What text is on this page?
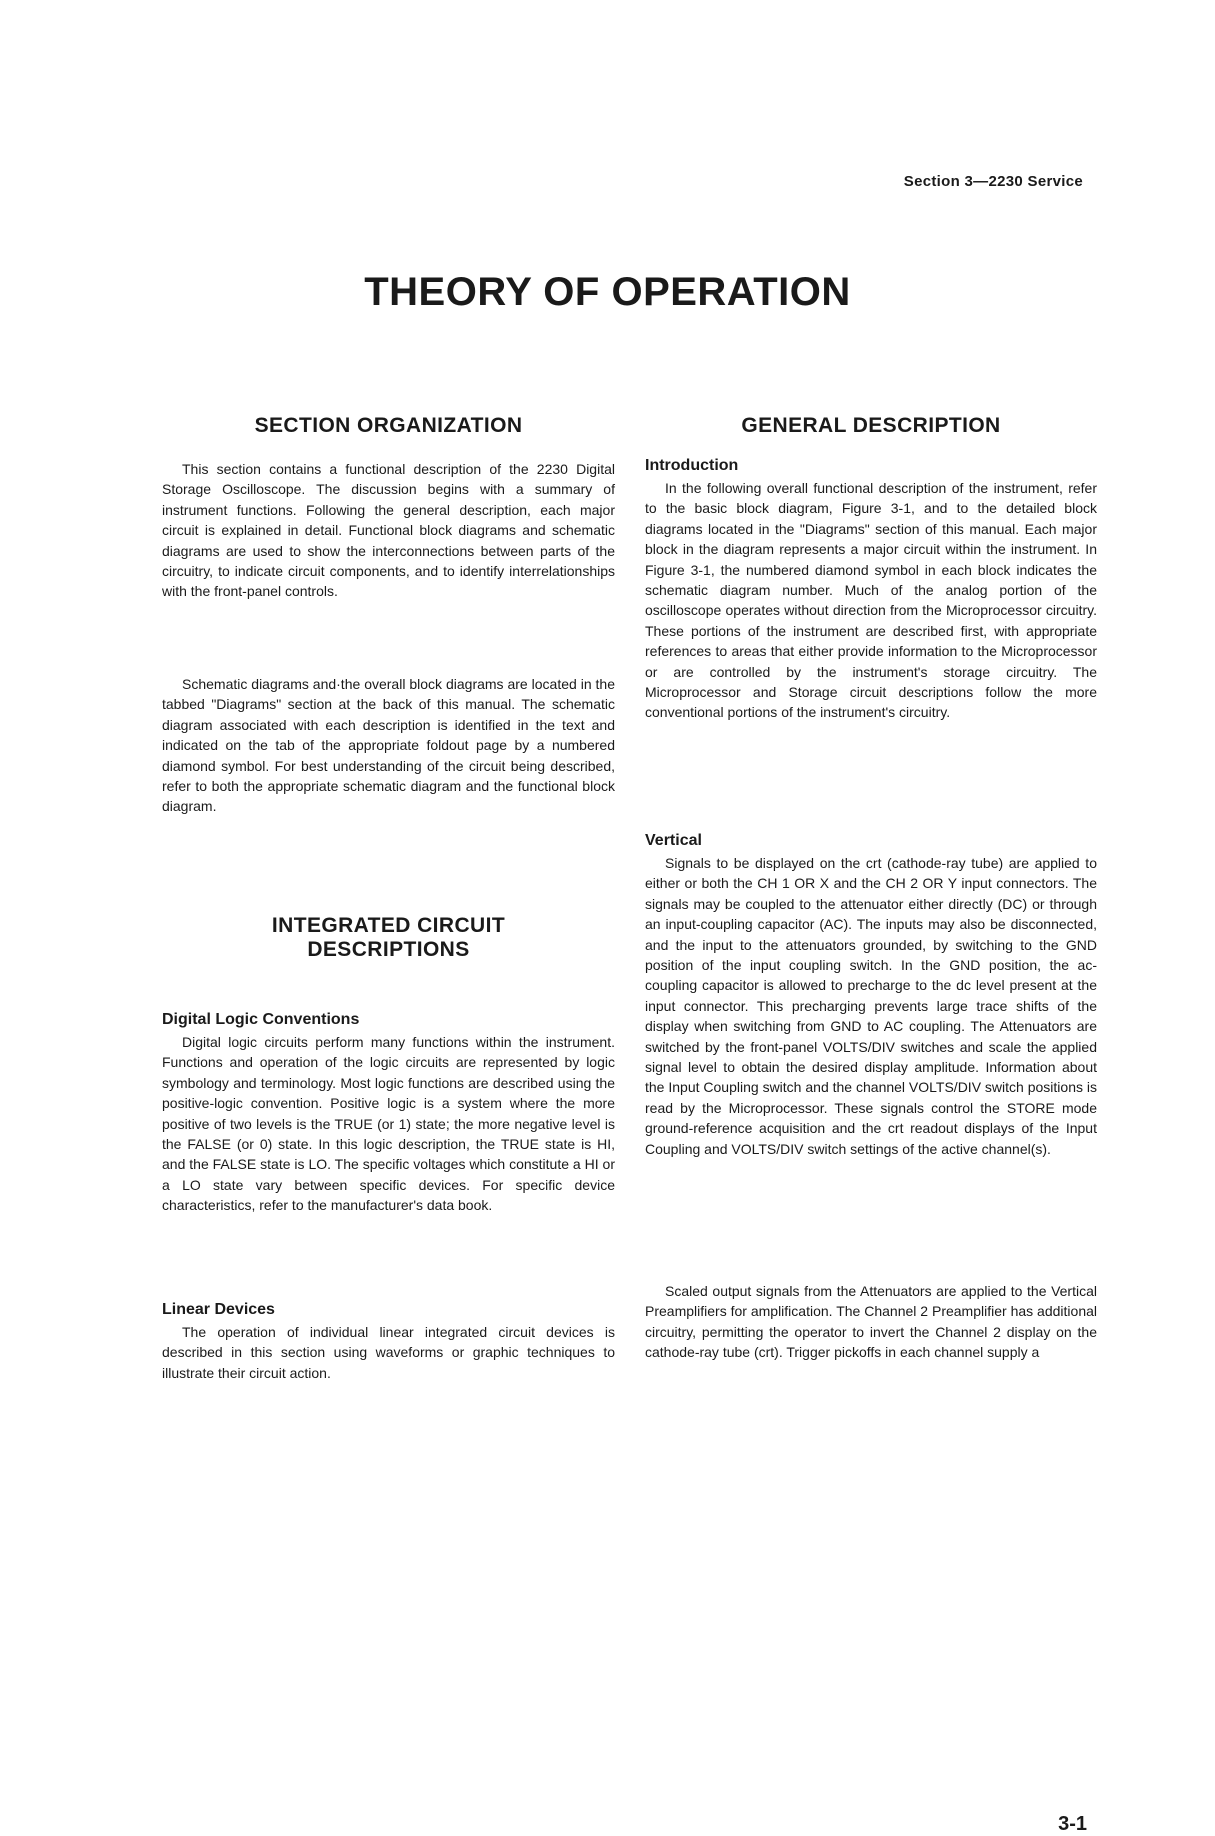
Section 3—2230 Service
THEORY OF OPERATION
SECTION ORGANIZATION

This section contains a functional description of the 2230 Digital Storage Oscilloscope. The discussion begins with a summary of instrument functions. Following the general description, each major circuit is explained in detail. Functional block diagrams and schematic diagrams are used to show the interconnections between parts of the circuitry, to indicate circuit components, and to identify interrelationships with the front-panel controls.

Schematic diagrams and·the overall block diagrams are located in the tabbed "Diagrams" section at the back of this manual. The schematic diagram associated with each description is identified in the text and indicated on the tab of the appropriate foldout page by a numbered diamond symbol. For best understanding of the circuit being described, refer to both the appropriate schematic diagram and the functional block diagram.

INTEGRATED CIRCUIT
DESCRIPTIONS
Digital Logic Conventions

Digital logic circuits perform many functions within the instrument. Functions and operation of the logic circuits are represented by logic symbology and terminology. Most logic functions are described using the positive-logic convention. Positive logic is a system where the more positive of two levels is the TRUE (or 1) state; the more negative level is the FALSE (or 0) state. In this logic description, the TRUE state is HI, and the FALSE state is LO. The specific voltages which constitute a HI or a LO state vary between specific devices. For specific device characteristics, refer to the manufacturer's data book.

Linear Devices

The operation of individual linear integrated circuit devices is described in this section using waveforms or graphic techniques to illustrate their circuit action.

GENERAL DESCRIPTION
Introduction

In the following overall functional description of the instrument, refer to the basic block diagram, Figure 3-1, and to the detailed block diagrams located in the "Diagrams" section of this manual. Each major block in the diagram represents a major circuit within the instrument. In Figure 3-1, the numbered diamond symbol in each block indicates the schematic diagram number. Much of the analog portion of the oscilloscope operates without direction from the Microprocessor circuitry. These portions of the instrument are described first, with appropriate references to areas that either provide information to the Microprocessor or are controlled by the instrument's storage circuitry. The Microprocessor and Storage circuit descriptions follow the more conventional portions of the instrument's circuitry.

Vertical

Signals to be displayed on the crt (cathode-ray tube) are applied to either or both the CH 1 OR X and the CH 2 OR Y input connectors. The signals may be coupled to the attenuator either directly (DC) or through an input-coupling capacitor (AC). The inputs may also be disconnected, and the input to the attenuators grounded, by switching to the GND position of the input coupling switch. In the GND position, the ac-coupling capacitor is allowed to precharge to the dc level present at the input connector. This precharging prevents large trace shifts of the display when switching from GND to AC coupling. The Attenuators are switched by the front-panel VOLTS/DIV switches and scale the applied signal level to obtain the desired display amplitude. Information about the Input Coupling switch and the channel VOLTS/DIV switch positions is read by the Microprocessor. These signals control the STORE mode ground-reference acquisition and the crt readout displays of the Input Coupling and VOLTS/DIV switch settings of the active channel(s).

Scaled output signals from the Attenuators are applied to the Vertical Preamplifiers for amplification. The Channel 2 Preamplifier has additional circuitry, permitting the operator to invert the Channel 2 display on the cathode-ray tube (crt). Trigger pickoffs in each channel supply a

3-1
